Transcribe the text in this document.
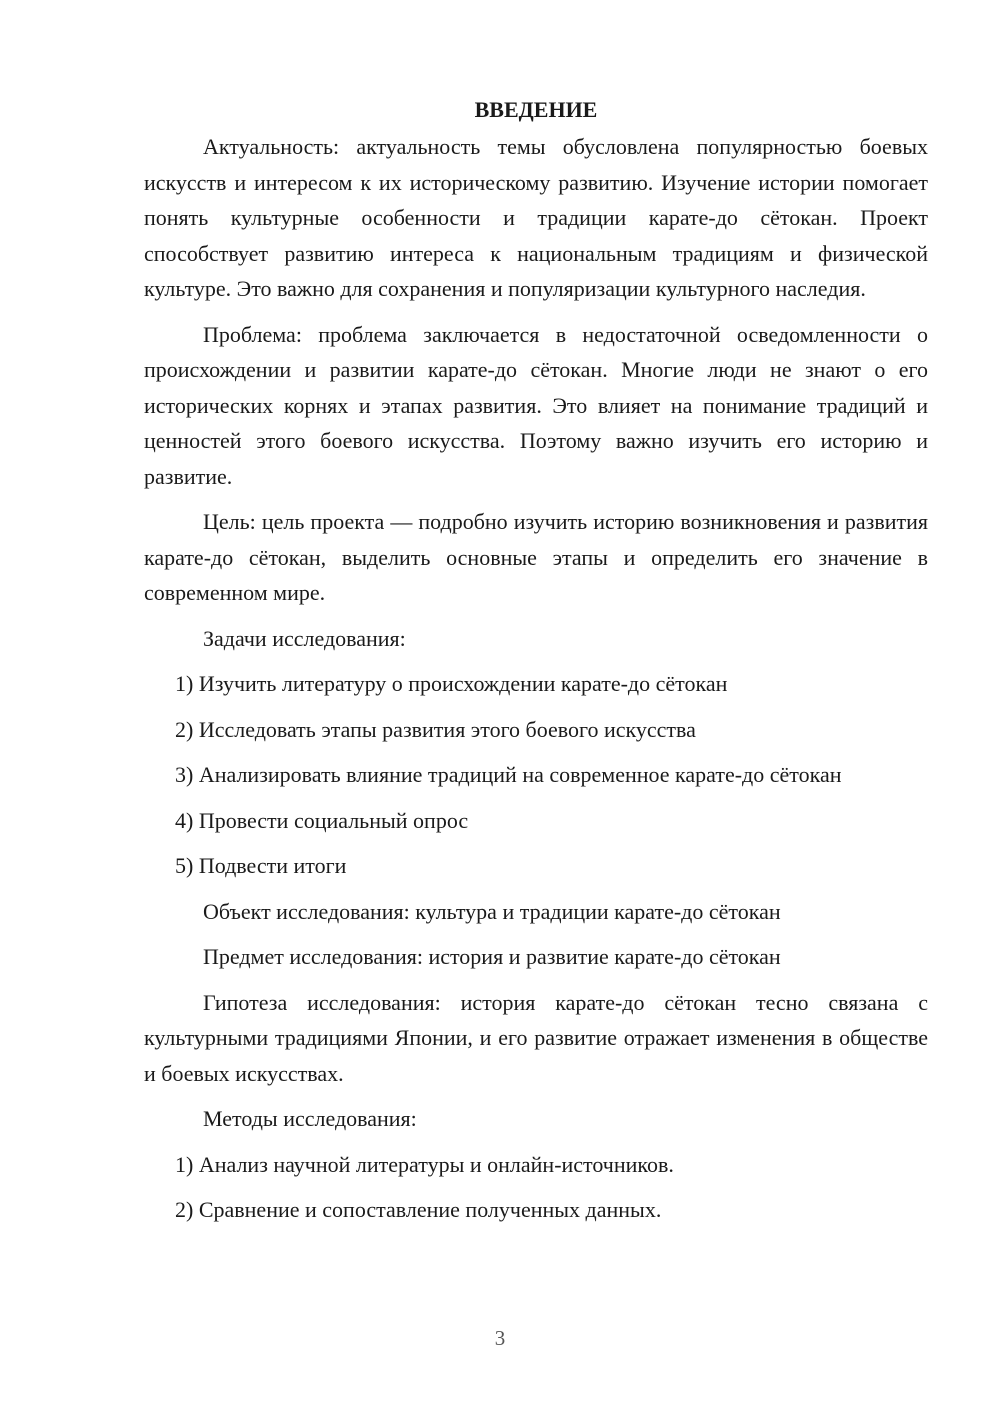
ВВЕДЕНИЕ

Актуальность: актуальность темы обусловлена популярностью боевых искусств и интересом к их историческому развитию. Изучение истории помогает понять культурные особенности и традиции карате-до сётокан. Проект способствует развитию интереса к национальным традициям и физической культуре. Это важно для сохранения и популяризации культурного наследия.

Проблема: проблема заключается в недостаточной осведомленности о происхождении и развитии карате-до сётокан. Многие люди не знают о его исторических корнях и этапах развития. Это влияет на понимание традиций и ценностей этого боевого искусства. Поэтому важно изучить его историю и развитие.

Цель: цель проекта — подробно изучить историю возникновения и развития карате-до сётокан, выделить основные этапы и определить его значение в современном мире.

Задачи исследования:

1) Изучить литературу о происхождении карате-до сётокан

2) Исследовать этапы развития этого боевого искусства

3) Анализировать влияние традиций на современное карате-до сётокан

4) Провести социальный опрос

5) Подвести итоги

Объект исследования: культура и традиции карате-до сётокан

Предмет исследования: история и развитие карате-до сётокан

Гипотеза исследования: история карате-до сётокан тесно связана с культурными традициями Японии, и его развитие отражает изменения в обществе и боевых искусствах.

Методы исследования:

1) Анализ научной литературы и онлайн-источников.

2) Сравнение и сопоставление полученных данных.

3
